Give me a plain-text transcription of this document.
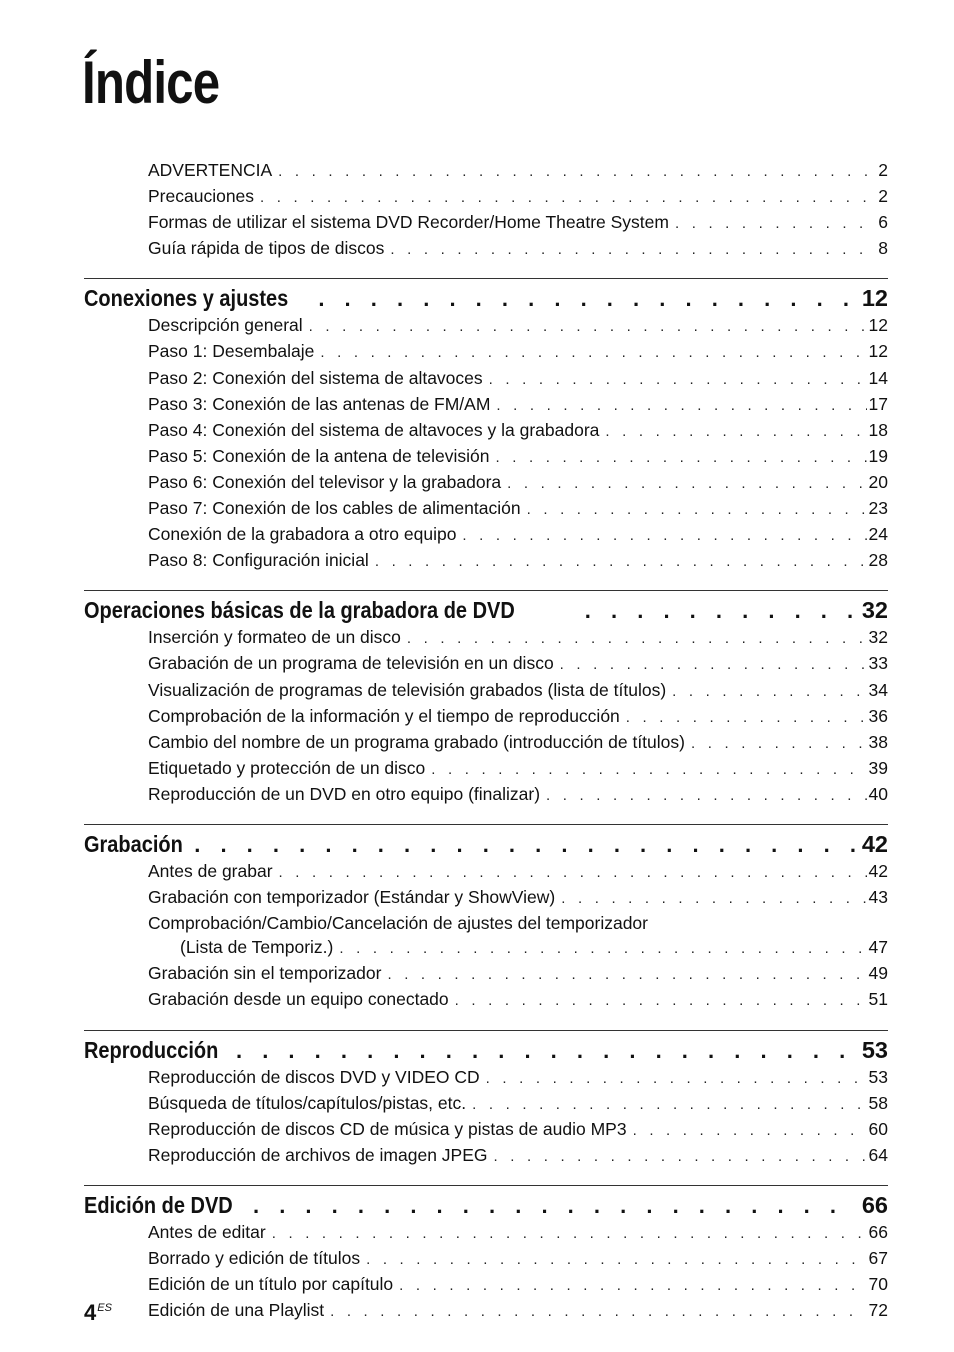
Índice
ADVERTENCIA . . .	2
Precauciones . . .	2
Formas de utilizar el sistema DVD Recorder/Home Theatre System . . .	6
Guía rápida de tipos de discos . . .	8
Conexiones y ajustes . . .	12
Descripción general . . .	12
Paso 1: Desembalaje . . .	12
Paso 2: Conexión del sistema de altavoces . . .	14
Paso 3: Conexión de las antenas de FM/AM . . .	17
Paso 4: Conexión del sistema de altavoces y la grabadora . . .	18
Paso 5: Conexión de la antena de televisión . . .	19
Paso 6: Conexión del televisor y la grabadora . . .	20
Paso 7: Conexión de los cables de alimentación . . .	23
Conexión de la grabadora a otro equipo . . .	24
Paso 8: Configuración inicial . . .	28
Operaciones básicas de la grabadora de DVD . . .	32
Inserción y formateo de un disco . . .	32
Grabación de un programa de televisión en un disco . . .	33
Visualización de programas de televisión grabados (lista de títulos) . . .	34
Comprobación de la información y el tiempo de reproducción . . .	36
Cambio del nombre de un programa grabado (introducción de títulos) . . .	38
Etiquetado y protección de un disco . . .	39
Reproducción de un DVD en otro equipo (finalizar) . . .	40
Grabación . . .	42
Antes de grabar . . .	42
Grabación con temporizador (Estándar y ShowView) . . .	43
Comprobación/Cambio/Cancelación de ajustes del temporizador
(Lista de Temporiz.) . . .	47
Grabación sin el temporizador . . .	49
Grabación desde un equipo conectado . . .	51
Reproducción . . .	53
Reproducción de discos DVD y VIDEO CD . . .	53
Búsqueda de títulos/capítulos/pistas, etc. . . .	58
Reproducción de discos CD de música y pistas de audio MP3 . . .	60
Reproducción de archivos de imagen JPEG . . .	64
Edición de DVD . . .	66
Antes de editar . . .	66
Borrado y edición de títulos . . .	67
Edición de un título por capítulo . . .	70
Edición de una Playlist . . .	72
$4^{ES}$
